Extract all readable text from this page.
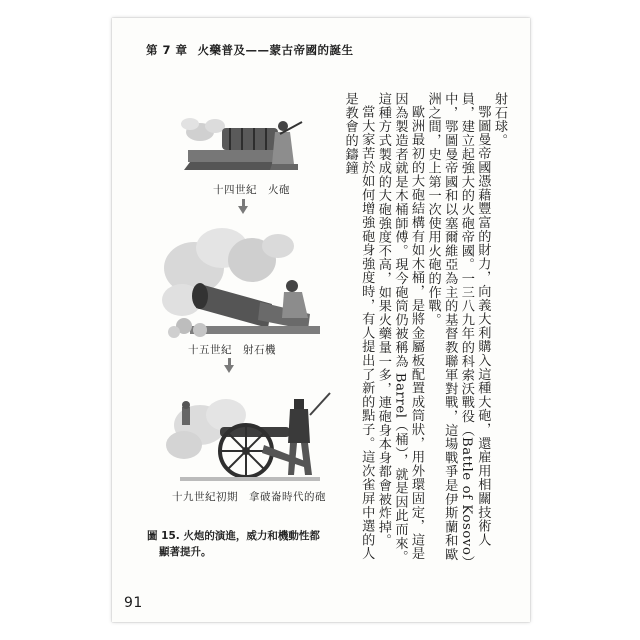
第 7 章 火藥普及——蒙古帝國的誕生
十四世紀　火砲
十五世紀　射石機
十九世紀初期　拿破崙時代的砲
圖 15. 火炮的演進，威力和機動性都
顯著提升。

射石球。

鄂圖曼帝國憑藉豐富的財力，向義大利購入這種大砲，還雇用相關技術人員，建立起強大的火砲帝國。一三八九年的科索沃戰役（Battle of Kosovo）中，鄂圖曼帝國和以塞爾維亞為主的基督教聯軍對戰，這場戰爭是伊斯蘭和歐洲之間，史上第一次使用火砲的作戰。

歐洲最初的大砲結構有如木桶，是將金屬板配置成筒狀，用外環固定，這是因為製造者就是木桶師傅。現今砲筒仍被稱為 Barrel（桶），就是因此而來。這種方式製成的大砲強度不高，如果火藥量一多，連砲身本身都會被炸掉。

當大家苦於如何增強砲身強度時，有人提出了新的點子。這次雀屏中選的人是教會的鑄鐘

91
